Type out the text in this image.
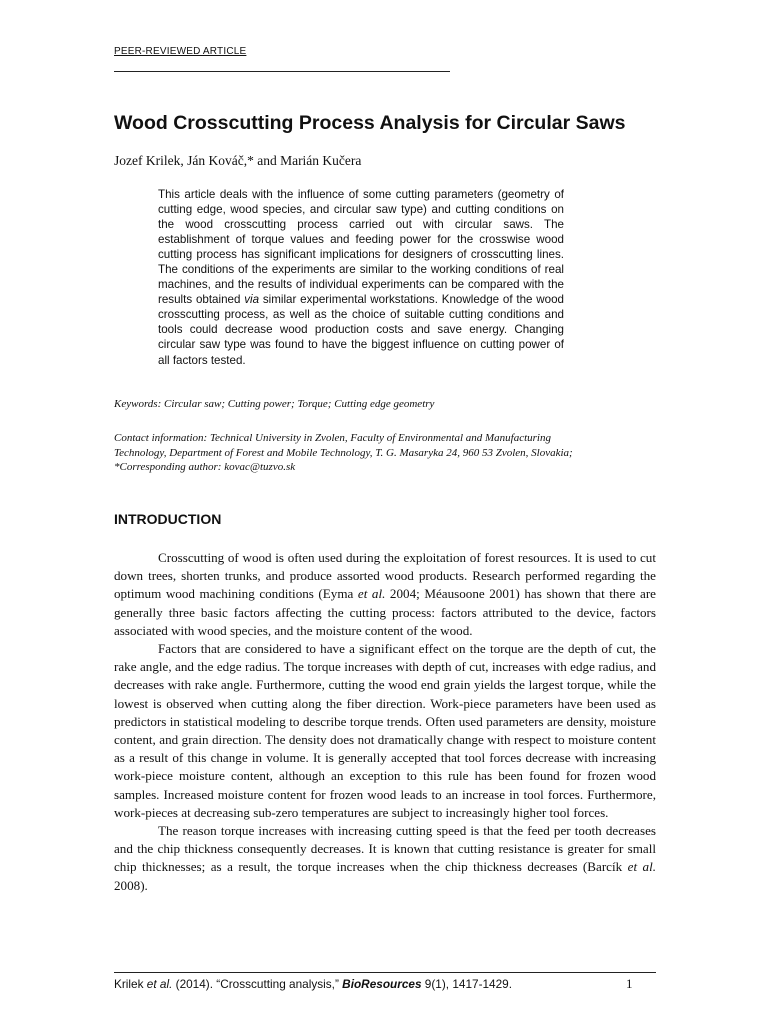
PEER-REVIEWED ARTICLE
Wood Crosscutting Process Analysis for Circular Saws
Jozef Krilek, Ján Kováč,* and Marián Kučera

This article deals with the influence of some cutting parameters (geometry of cutting edge, wood species, and circular saw type) and cutting conditions on the wood crosscutting process carried out with circular saws. The establishment of torque values and feeding power for the crosswise wood cutting process has significant implications for designers of crosscutting lines. The conditions of the experiments are similar to the working conditions of real machines, and the results of individual experiments can be compared with the results obtained via similar experimental workstations. Knowledge of the wood crosscutting process, as well as the choice of suitable cutting conditions and tools could decrease wood production costs and save energy. Changing circular saw type was found to have the biggest influence on cutting power of all factors tested.

Keywords: Circular saw; Cutting power; Torque; Cutting edge geometry
Contact information: Technical University in Zvolen, Faculty of Environmental and Manufacturing
Technology, Department of Forest and Mobile Technology, T. G. Masaryka 24, 960 53 Zvolen, Slovakia;
*Corresponding author: kovac@tuzvo.sk
INTRODUCTION

Crosscutting of wood is often used during the exploitation of forest resources. It is used to cut down trees, shorten trunks, and produce assorted wood products. Research performed regarding the optimum wood machining conditions (Eyma et al. 2004; Méausoone 2001) has shown that there are generally three basic factors affecting the cutting process: factors attributed to the device, factors associated with wood species, and the moisture content of the wood.

Factors that are considered to have a significant effect on the torque are the depth of cut, the rake angle, and the edge radius. The torque increases with depth of cut, increases with edge radius, and decreases with rake angle. Furthermore, cutting the wood end grain yields the largest torque, while the lowest is observed when cutting along the fiber direction. Work-piece parameters have been used as predictors in statistical modeling to describe torque trends. Often used parameters are density, moisture content, and grain direction. The density does not dramatically change with respect to moisture content as a result of this change in volume. It is generally accepted that tool forces decrease with increasing work-piece moisture content, although an exception to this rule has been found for frozen wood samples. Increased moisture content for frozen wood leads to an increase in tool forces. Furthermore, work-pieces at decreasing sub-zero temperatures are subject to increasingly higher tool forces.

The reason torque increases with increasing cutting speed is that the feed per tooth decreases and the chip thickness consequently decreases. It is known that cutting resistance is greater for small chip thicknesses; as a result, the torque increases when the chip thickness decreases (Barcík et al. 2008).

Krilek et al. (2014). “Crosscutting analysis,” BioResources 9(1), 1417-1429.	1
